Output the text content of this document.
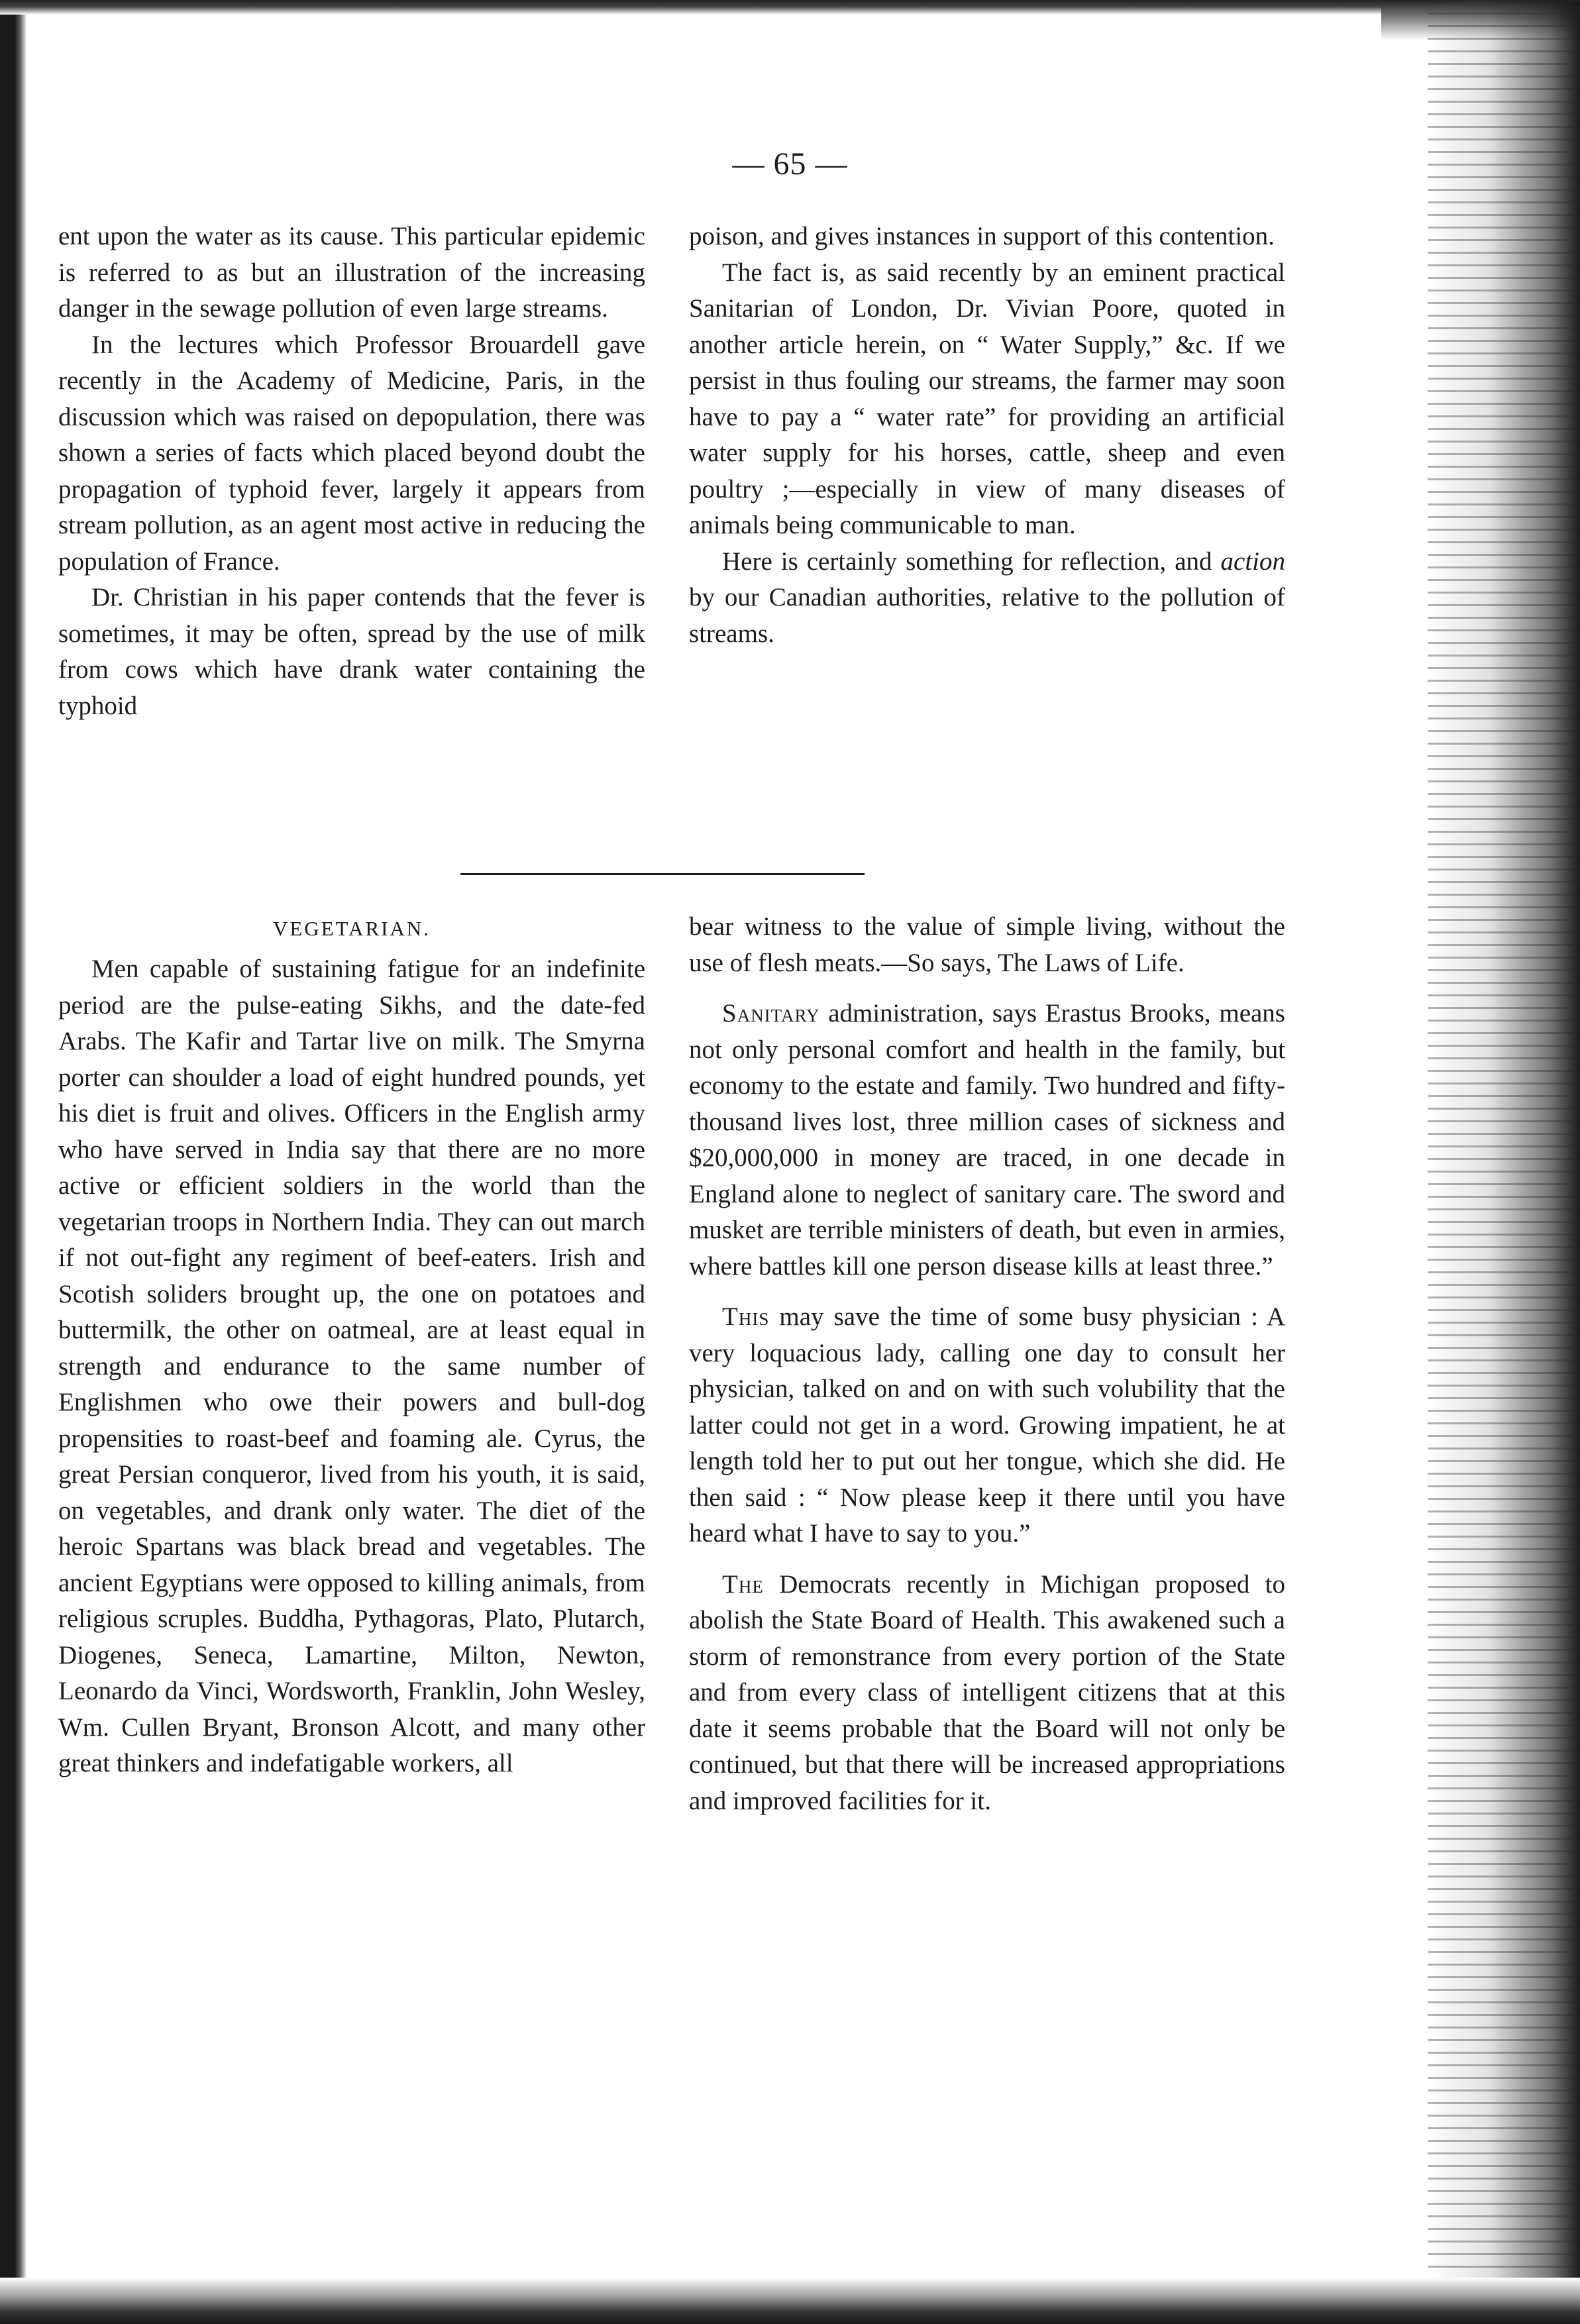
— 65 —

ent upon the water as its cause. This particular epidemic is referred to as but an illustration of the increasing danger in the sewage pollution of even large streams.

In the lectures which Professor Brouardell gave recently in the Academy of Medicine, Paris, in the discussion which was raised on depopulation, there was shown a series of facts which placed beyond doubt the propagation of typhoid fever, largely it appears from stream pollution, as an agent most active in reducing the population of France.

Dr. Christian in his paper contends that the fever is sometimes, it may be often, spread by the use of milk from cows which have drank water containing the typhoid

poison, and gives instances in support of this contention.

The fact is, as said recently by an eminent practical Sanitarian of London, Dr. Vivian Poore, quoted in another article herein, on “ Water Supply,” &c. If we persist in thus fouling our streams, the farmer may soon have to pay a “ water rate” for providing an artificial water supply for his horses, cattle, sheep and even poultry ;—especially in view of many diseases of animals being communicable to man.

Here is certainly something for reflection, and action by our Canadian authorities, relative to the pollution of streams.

VEGETARIAN.

Men capable of sustaining fatigue for an indefinite period are the pulse-eating Sikhs, and the date-fed Arabs. The Kafir and Tartar live on milk. The Smyrna porter can shoulder a load of eight hundred pounds, yet his diet is fruit and olives. Officers in the English army who have served in India say that there are no more active or efficient soldiers in the world than the vegetarian troops in Northern India. They can out march if not out-fight any regiment of beef-eaters. Irish and Scotish soliders brought up, the one on potatoes and buttermilk, the other on oatmeal, are at least equal in strength and endurance to the same number of Englishmen who owe their powers and bull-dog propensities to roast-beef and foaming ale. Cyrus, the great Persian conqueror, lived from his youth, it is said, on vegetables, and drank only water. The diet of the heroic Spartans was black bread and vegetables. The ancient Egyptians were opposed to killing animals, from religious scruples. Buddha, Pythagoras, Plato, Plutarch, Diogenes, Seneca, Lamartine, Milton, Newton, Leonardo da Vinci, Wordsworth, Franklin, John Wesley, Wm. Cullen Bryant, Bronson Alcott, and many other great thinkers and indefatigable workers, all

bear witness to the value of simple living, without the use of flesh meats.—So says, The Laws of Life.

Sanitary administration, says Erastus Brooks, means not only personal comfort and health in the family, but economy to the estate and family. Two hundred and fifty-thousand lives lost, three million cases of sickness and $20,000,000 in money are traced, in one decade in England alone to neglect of sanitary care. The sword and musket are terrible ministers of death, but even in armies, where battles kill one person disease kills at least three.”

This may save the time of some busy physician : A very loquacious lady, calling one day to consult her physician, talked on and on with such volubility that the latter could not get in a word. Growing impatient, he at length told her to put out her tongue, which she did. He then said : “ Now please keep it there until you have heard what I have to say to you.”

The Democrats recently in Michigan proposed to abolish the State Board of Health. This awakened such a storm of remonstrance from every portion of the State and from every class of intelligent citizens that at this date it seems probable that the Board will not only be continued, but that there will be increased appropriations and improved facilities for it.
